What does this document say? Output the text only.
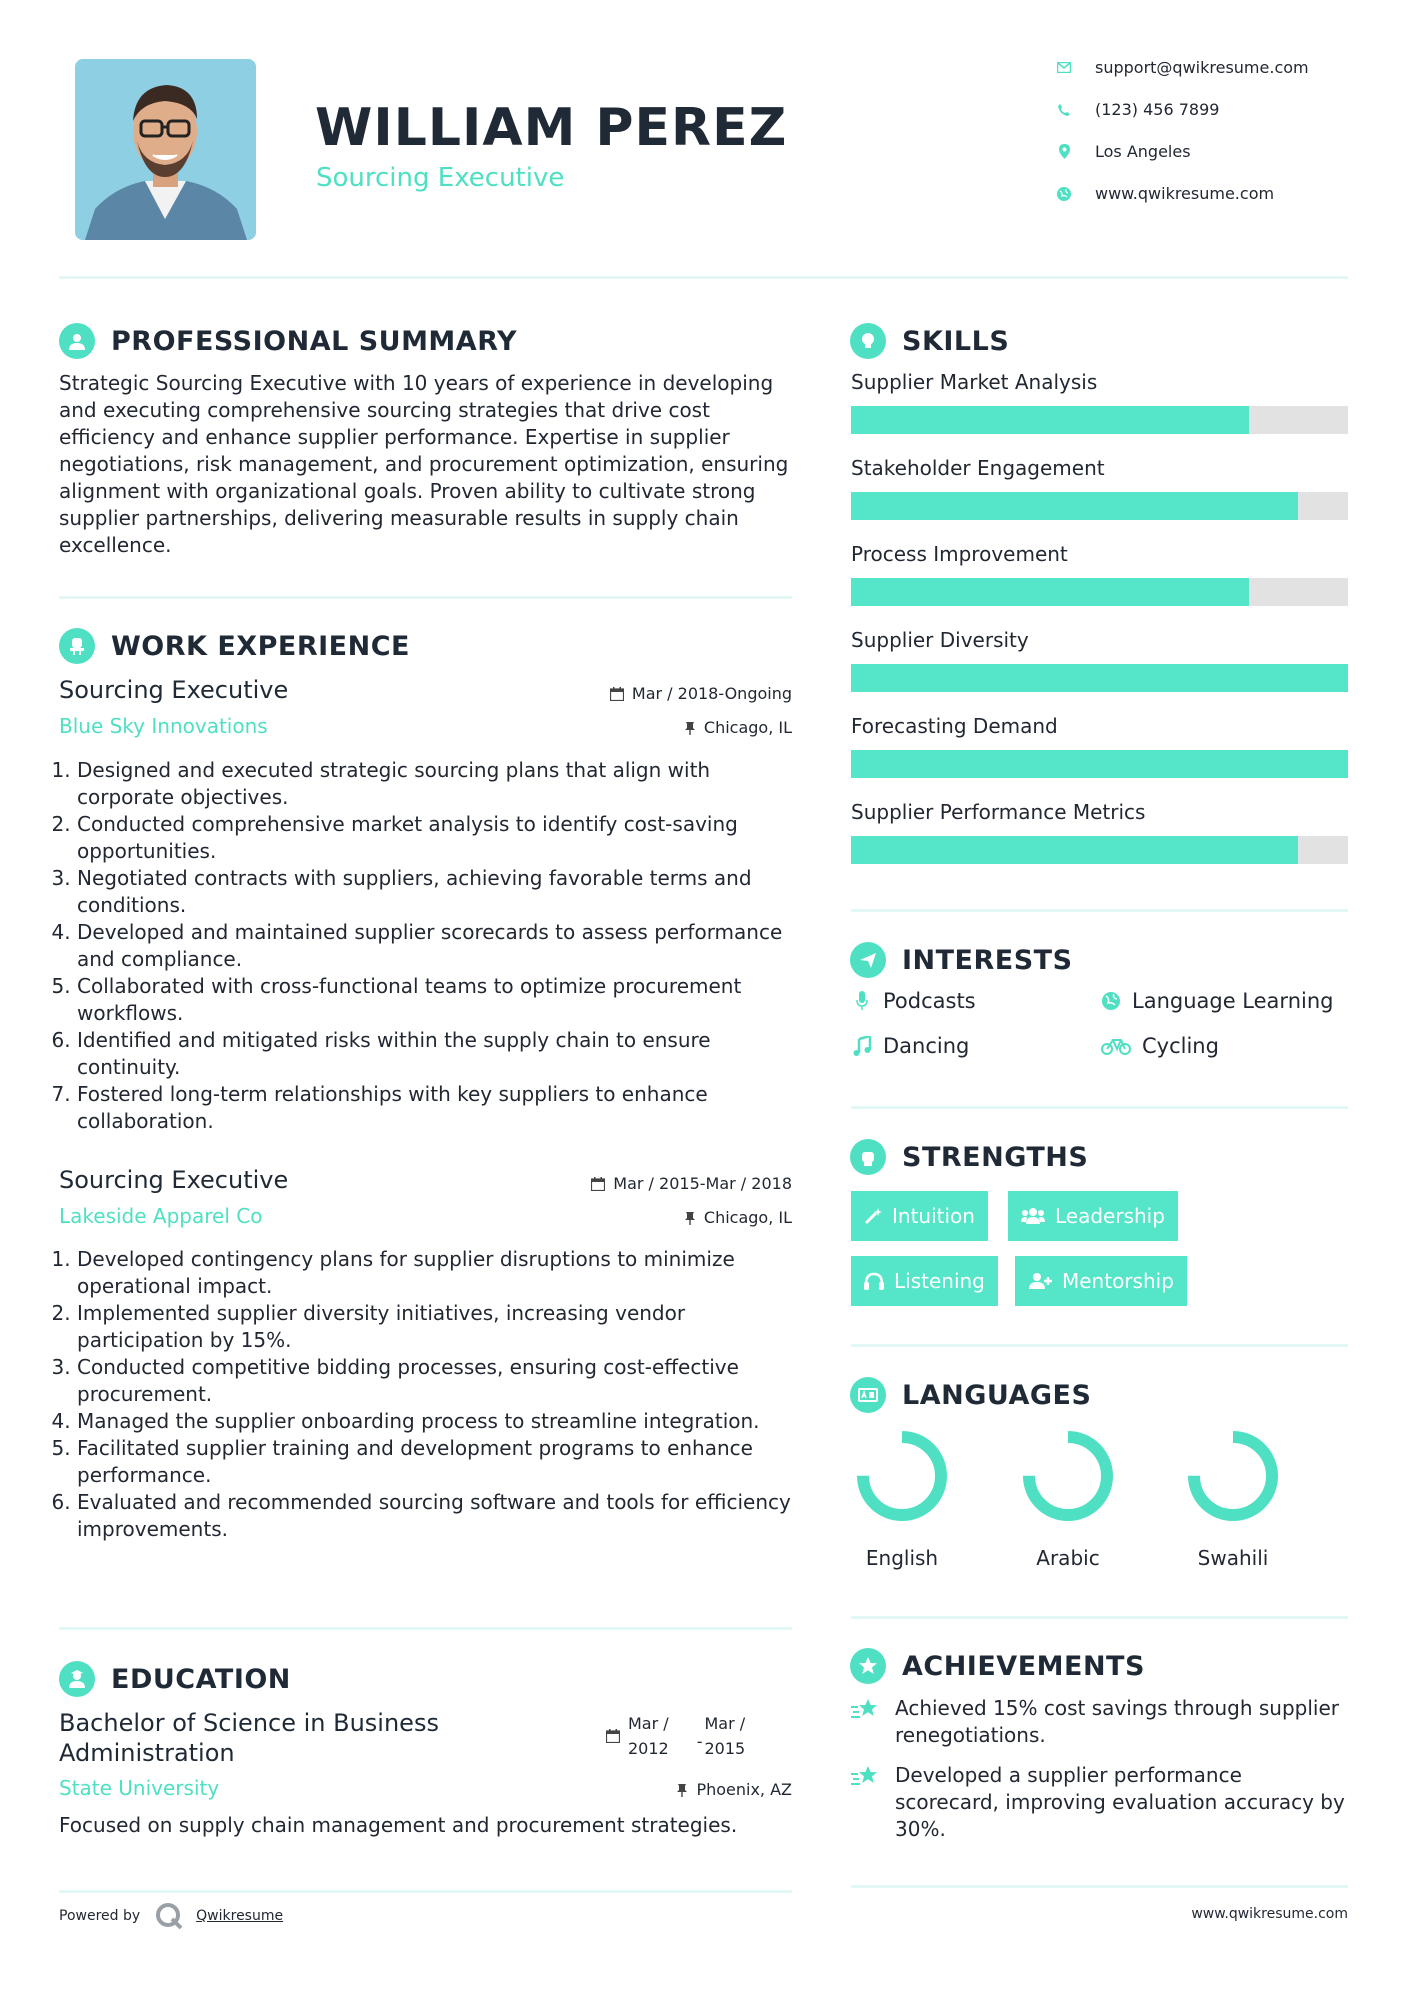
WILLIAM PEREZ
Sourcing Executive
support@qwikresume.com
(123) 456 7899
Los Angeles
www.qwikresume.com
PROFESSIONAL SUMMARY
Strategic Sourcing Executive with 10 years of experience in developing and executing comprehensive sourcing strategies that drive cost efficiency and enhance supplier performance. Expertise in supplier negotiations, risk management, and procurement optimization, ensuring alignment with organizational goals. Proven ability to cultivate strong supplier partnerships, delivering measurable results in supply chain excellence.
WORK EXPERIENCE
Sourcing Executive	Mar / 2018-Ongoing
Blue Sky Innovations	Chicago, IL
1. Designed and executed strategic sourcing plans that align with corporate objectives.
2. Conducted comprehensive market analysis to identify cost-saving opportunities.
3. Negotiated contracts with suppliers, achieving favorable terms and conditions.
4. Developed and maintained supplier scorecards to assess performance and compliance.
5. Collaborated with cross-functional teams to optimize procurement workflows.
6. Identified and mitigated risks within the supply chain to ensure continuity.
7. Fostered long-term relationships with key suppliers to enhance collaboration.
Sourcing Executive	Mar / 2015-Mar / 2018
Lakeside Apparel Co	Chicago, IL
1. Developed contingency plans for supplier disruptions to minimize operational impact.
2. Implemented supplier diversity initiatives, increasing vendor participation by 15%.
3. Conducted competitive bidding processes, ensuring cost-effective procurement.
4. Managed the supplier onboarding process to streamline integration.
5. Facilitated supplier training and development programs to enhance performance.
6. Evaluated and recommended sourcing software and tools for efficiency improvements.
EDUCATION
Bachelor of Science in Business
Administration
Mar /
2012 -
Mar /
2015
State University	Phoenix, AZ
Focused on supply chain management and procurement strategies.
SKILLS
Supplier Market Analysis
Stakeholder Engagement
Process Improvement
Supplier Diversity
Forecasting Demand
Supplier Performance Metrics
INTERESTS
Podcasts	Language Learning
Dancing	Cycling
STRENGTHS
Intuition	Leadership
Listening	Mentorship
LANGUAGES
English	Arabic	Swahili
ACHIEVEMENTS
Achieved 15% cost savings through supplier renegotiations.
Developed a supplier performance scorecard, improving evaluation accuracy by 30%.
Powered by	Qwikresume	www.qwikresume.com
